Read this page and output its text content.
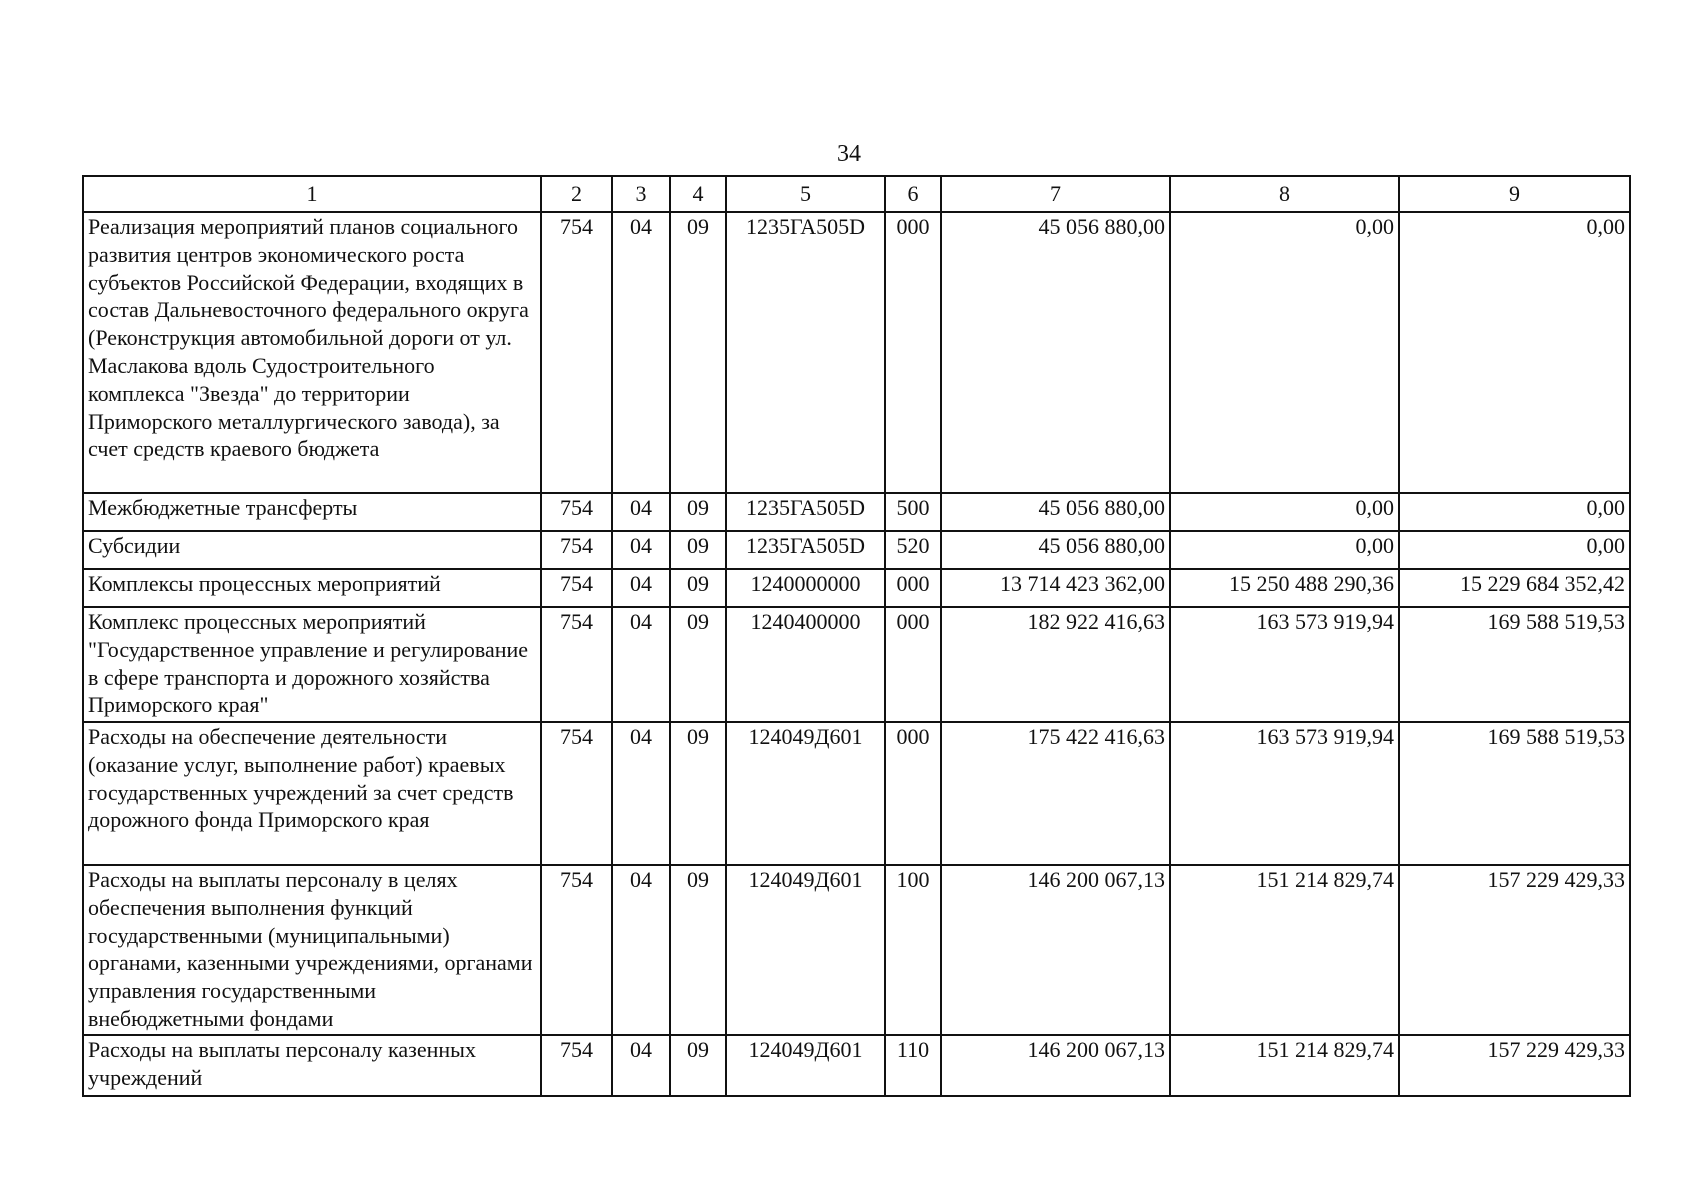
34
1	2	3	4	5	6	7	8	9
Реализация мероприятий планов социального развития центров экономического роста субъектов Российской Федерации, входящих в состав Дальневосточного федерального округа (Реконструкция автомобильной дороги от ул. Маслакова вдоль Судостроительного комплекса "Звезда" до территории Приморского металлургического завода), за счет средств краевого бюджета	754	04	09	1235ГА505D	000	45 056 880,00	0,00	0,00
Межбюджетные трансферты	754	04	09	1235ГА505D	500	45 056 880,00	0,00	0,00
Субсидии	754	04	09	1235ГА505D	520	45 056 880,00	0,00	0,00
Комплексы процессных мероприятий	754	04	09	1240000000	000	13 714 423 362,00	15 250 488 290,36	15 229 684 352,42
Комплекс процессных мероприятий "Государственное управление и регулирование в сфере транспорта и дорожного хозяйства Приморского края"	754	04	09	1240400000	000	182 922 416,63	163 573 919,94	169 588 519,53
Расходы на обеспечение деятельности (оказание услуг, выполнение работ) краевых государственных учреждений за счет средств дорожного фонда Приморского края	754	04	09	124049Д601	000	175 422 416,63	163 573 919,94	169 588 519,53
Расходы на выплаты персоналу в целях обеспечения выполнения функций государственными (муниципальными) органами, казенными учреждениями, органами управления государственными внебюджетными фондами	754	04	09	124049Д601	100	146 200 067,13	151 214 829,74	157 229 429,33
Расходы на выплаты персоналу казенных учреждений	754	04	09	124049Д601	110	146 200 067,13	151 214 829,74	157 229 429,33
